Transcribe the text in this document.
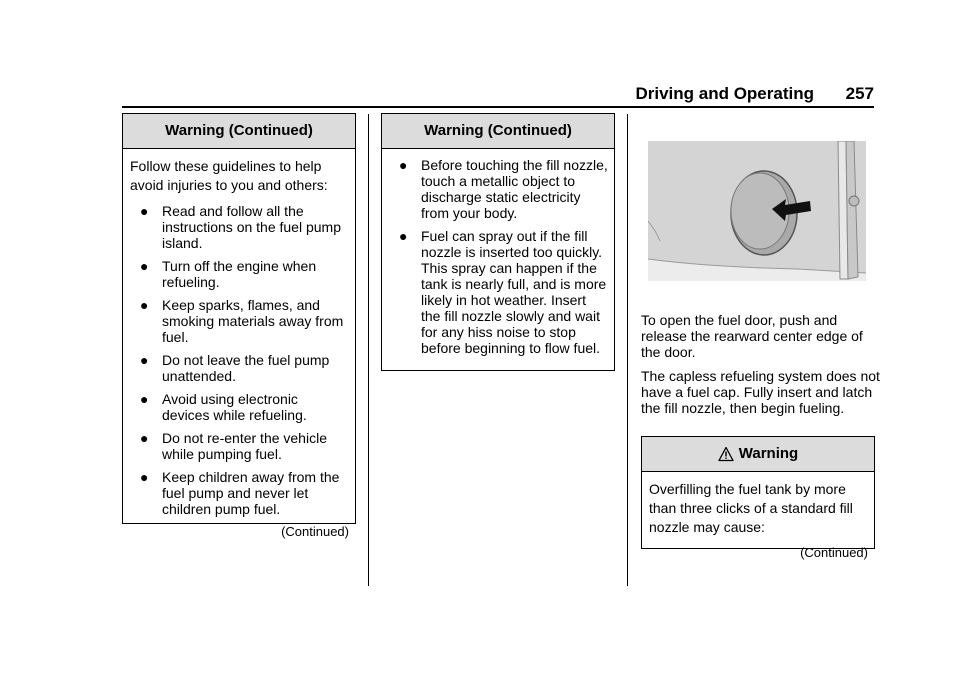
Driving and Operating 257
Warning (Continued)

Follow these guidelines to help avoid injuries to you and others:

● Read and follow all the instructions on the fuel pump island.
● Turn off the engine when refueling.
● Keep sparks, flames, and smoking materials away from fuel.
● Do not leave the fuel pump unattended.
● Avoid using electronic devices while refueling.
● Do not re-enter the vehicle while pumping fuel.
● Keep children away from the fuel pump and never let children pump fuel.
(Continued)
Warning (Continued)
● Before touching the fill nozzle, touch a metallic object to discharge static electricity from your body.
● Fuel can spray out if the fill nozzle is inserted too quickly. This spray can happen if the tank is nearly full, and is more likely in hot weather. Insert the fill nozzle slowly and wait for any hiss noise to stop before beginning to flow fuel.

To open the fuel door, push and release the rearward center edge of the door.

The capless refueling system does not have a fuel cap. Fully insert and latch the fill nozzle, then begin fueling.

Warning

Overfilling the fuel tank by more than three clicks of a standard fill nozzle may cause:

(Continued)
